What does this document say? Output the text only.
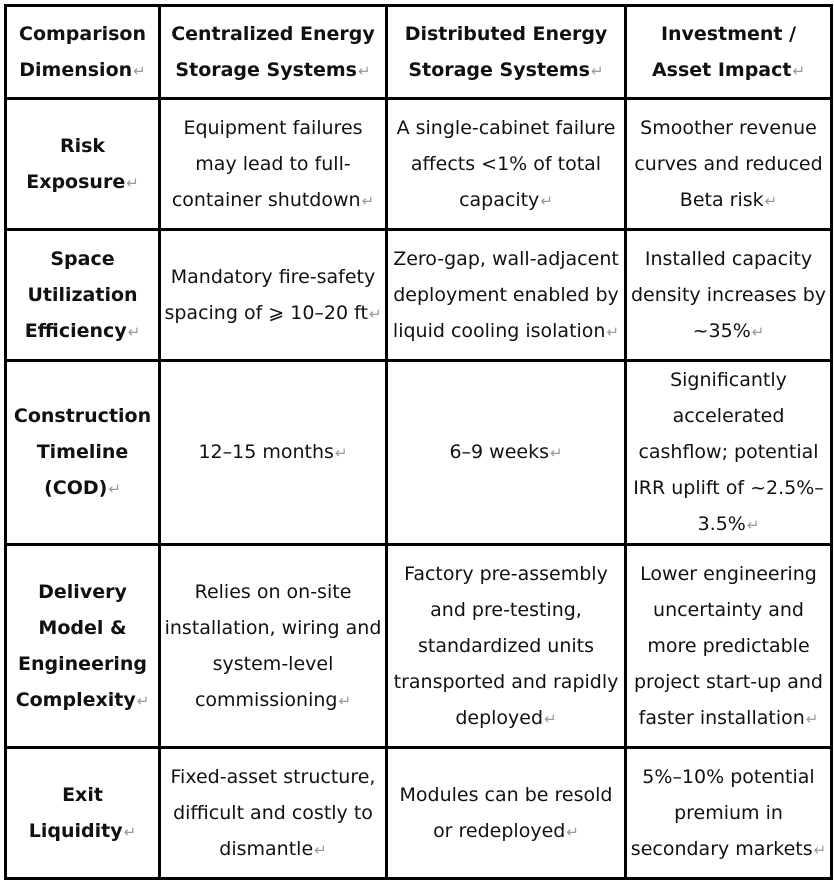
Comparison Dimension↵	Centralized Energy Storage Systems↵	Distributed Energy Storage Systems↵	Investment / Asset Impact↵
Risk Exposure↵	Equipment failures may lead to full-container shutdown↵	A single-cabinet failure affects <1% of total capacity↵	Smoother revenue curves and reduced Beta risk↵
Space Utilization Efficiency↵	Mandatory fire-safety spacing of ⩾ 10–20 ft↵	Zero-gap, wall-adjacent deployment enabled by liquid cooling isolation↵	Installed capacity density increases by ~35%↵
Construction Timeline (COD)↵	12–15 months↵	6–9 weeks↵	Significantly accelerated cashflow; potential IRR uplift of ~2.5%–3.5%↵
Delivery Model & Engineering Complexity↵	Relies on on-site installation, wiring and system-level commissioning↵	Factory pre-assembly and pre-testing, standardized units transported and rapidly deployed↵	Lower engineering uncertainty and more predictable project start-up and faster installation↵
Exit Liquidity↵	Fixed-asset structure, difficult and costly to dismantle↵	Modules can be resold or redeployed↵	5%–10% potential premium in secondary markets↵
